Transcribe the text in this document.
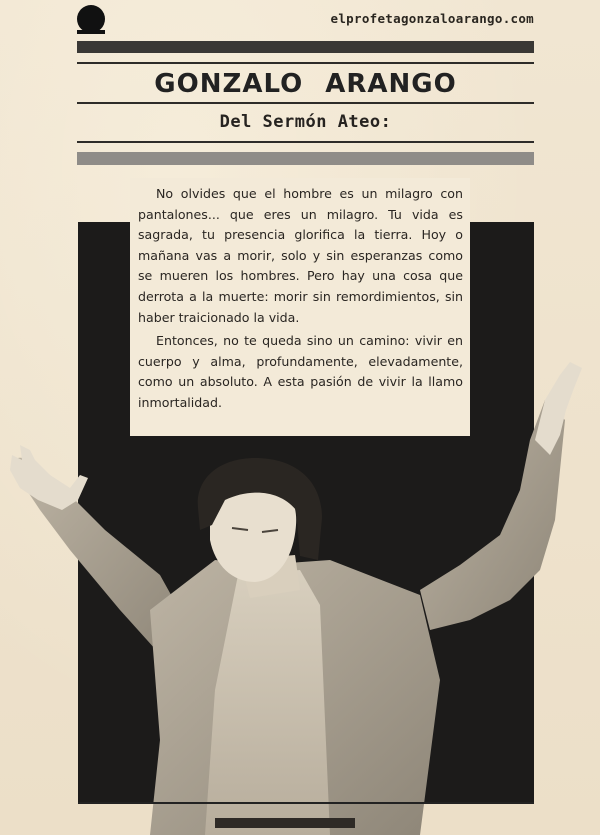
elprofetagonzaloarango.com
GONZALO ARANGO
Del Sermón Ateo:

No olvides que el hombre es un milagro con pantalones... que eres un milagro. Tu vida es sagrada, tu presencia glorifica la tierra. Hoy o mañana vas a morir, solo y sin esperanzas como se mueren los hombres. Pero hay una cosa que derrota a la muerte: morir sin remordimientos, sin haber traicionado la vida.

Entonces, no te queda sino un camino: vivir en cuerpo y alma, profundamente, elevadamente, como un absoluto. A esta pasión de vivir la llamo inmortalidad.
